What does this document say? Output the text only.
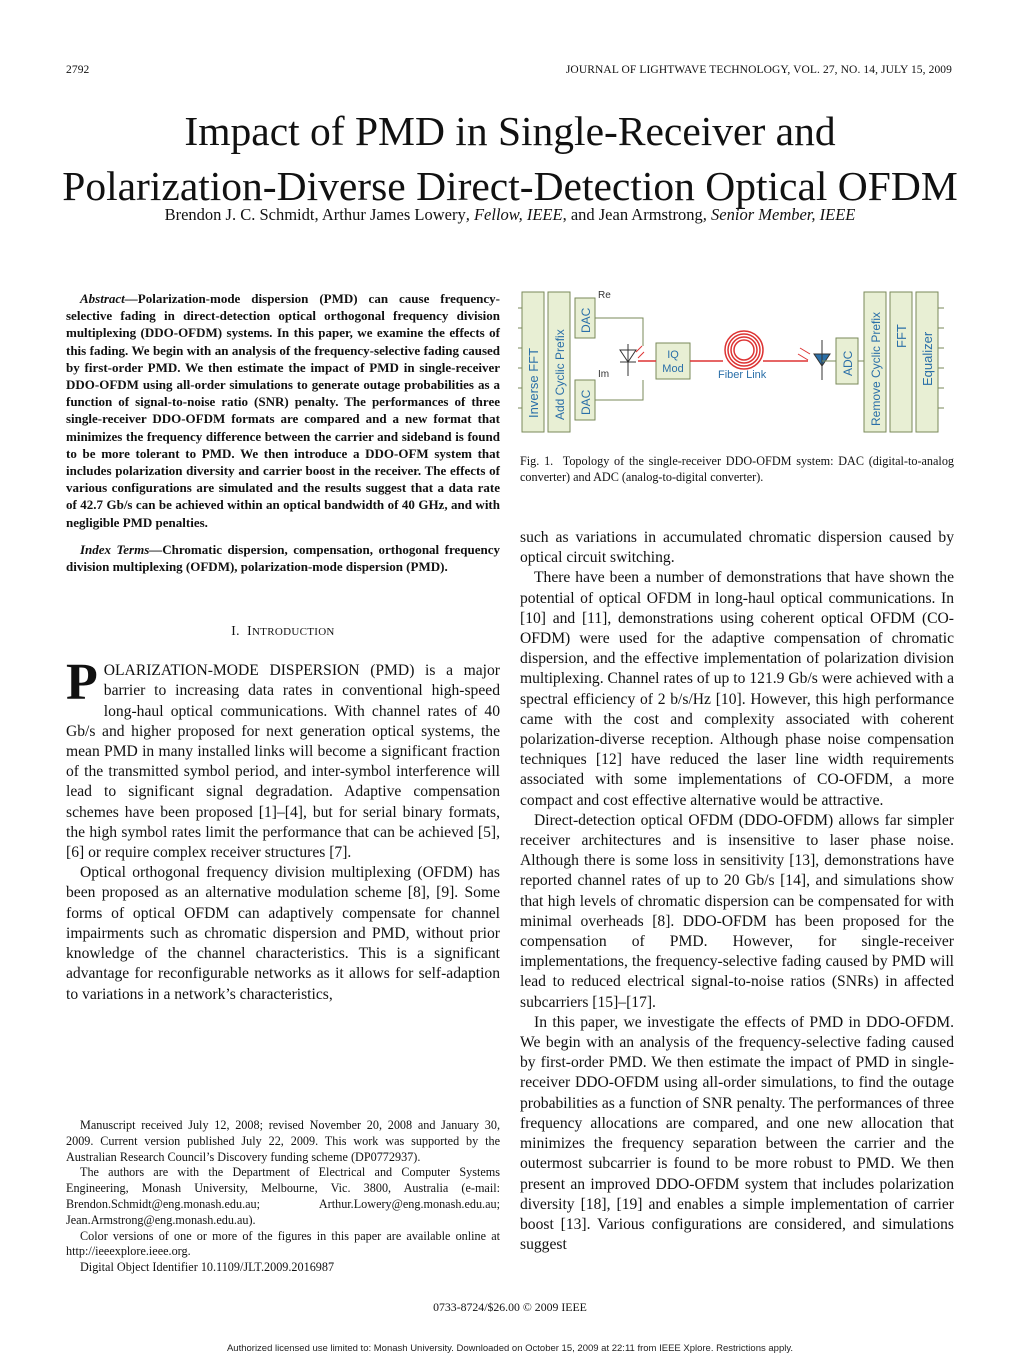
2792	JOURNAL OF LIGHTWAVE TECHNOLOGY, VOL. 27, NO. 14, JULY 15, 2009
Impact of PMD in Single-Receiver and
Polarization-Diverse Direct-Detection Optical OFDM
Brendon J. C. Schmidt, Arthur James Lowery, Fellow, IEEE, and Jean Armstrong, Senior Member, IEEE

Abstract—Polarization-mode dispersion (PMD) can cause frequency-selective fading in direct-detection optical orthogonal frequency division multiplexing (DDO-OFDM) systems. In this paper, we examine the effects of this fading. We begin with an analysis of the frequency-selective fading caused by first-order PMD. We then estimate the impact of PMD in single-receiver DDO-OFDM using all-order simulations to generate outage probabilities as a function of signal-to-noise ratio (SNR) penalty. The performances of three single-receiver DDO-OFDM formats are compared and a new format that minimizes the frequency difference between the carrier and sideband is found to be more tolerant to PMD. We then introduce a DDO-OFM system that includes polarization diversity and carrier boost in the receiver. The effects of various configurations are simulated and the results suggest that a data rate of 42.7 Gb/s can be achieved within an optical bandwidth of 40 GHz, and with negligible PMD penalties.

Index Terms—Chromatic dispersion, compensation, orthogonal frequency division multiplexing (OFDM), polarization-mode dispersion (PMD).

I. INTRODUCTION

POLARIZATION-MODE DISPERSION (PMD) is a major barrier to increasing data rates in conventional high-speed long-haul optical communications. With channel rates of 40 Gb/s and higher proposed for next generation optical systems, the mean PMD in many installed links will become a significant fraction of the transmitted symbol period, and inter-symbol interference will lead to significant signal degradation. Adaptive compensation schemes have been proposed [1]–[4], but for serial binary formats, the high symbol rates limit the performance that can be achieved [5], [6] or require complex receiver structures [7].

Optical orthogonal frequency division multiplexing (OFDM) has been proposed as an alternative modulation scheme [8], [9]. Some forms of optical OFDM can adaptively compensate for channel impairments such as chromatic dispersion and PMD, without prior knowledge of the channel characteristics. This is a significant advantage for reconfigurable networks as it allows for self-adaption to variations in a network’s characteristics,

Manuscript received July 12, 2008; revised November 20, 2008 and January 30, 2009. Current version published July 22, 2009. This work was supported by the Australian Research Council’s Discovery funding scheme (DP0772937).

The authors are with the Department of Electrical and Computer Systems Engineering, Monash University, Melbourne, Vic. 3800, Australia (e-mail: Brendon.Schmidt@eng.monash.edu.au; Arthur.Lowery@eng.monash.edu.au; Jean.Armstrong@eng.monash.edu.au).

Color versions of one or more of the figures in this paper are available online at http://ieeexplore.ieee.org.

Digital Object Identifier 10.1109/JLT.2009.2016987

Inverse FFT Add Cyclic Prefix
DAC
DAC
Re
Im
IQ
Mod	Fiber Link	ADC Remove Cyclic Prefix FFT Equalizer

Fig. 1. Topology of the single-receiver DDO-OFDM system: DAC (digital-to-analog converter) and ADC (analog-to-digital converter).

such as variations in accumulated chromatic dispersion caused by optical circuit switching.

There have been a number of demonstrations that have shown the potential of optical OFDM in long-haul optical communications. In [10] and [11], demonstrations using coherent optical OFDM (CO-OFDM) were used for the adaptive compensation of chromatic dispersion, and the effective implementation of polarization division multiplexing. Channel rates of up to 121.9 Gb/s were achieved with a spectral efficiency of 2 b/s/Hz [10]. However, this high performance came with the cost and complexity associated with coherent polarization-diverse reception. Although phase noise compensation techniques [12] have reduced the laser line width requirements associated with some implementations of CO-OFDM, a more compact and cost effective alternative would be attractive.

Direct-detection optical OFDM (DDO-OFDM) allows far simpler receiver architectures and is insensitive to laser phase noise. Although there is some loss in sensitivity [13], demonstrations have reported channel rates of up to 20 Gb/s [14], and simulations show that high levels of chromatic dispersion can be compensated for with minimal overheads [8]. DDO-OFDM has been proposed for the compensation of PMD. However, for single-receiver implementations, the frequency-selective fading caused by PMD will lead to reduced electrical signal-to-noise ratios (SNRs) in affected subcarriers [15]–[17].

In this paper, we investigate the effects of PMD in DDO-OFDM. We begin with an analysis of the frequency-selective fading caused by first-order PMD. We then estimate the impact of PMD in single-receiver DDO-OFDM using all-order simulations, to find the outage probabilities as a function of SNR penalty. The performances of three frequency allocations are compared, and one new allocation that minimizes the frequency separation between the carrier and the outermost subcarrier is found to be more robust to PMD. We then present an improved DDO-OFDM system that includes polarization diversity [18], [19] and enables a simple implementation of carrier boost [13]. Various configurations are considered, and simulations suggest

0733-8724/$26.00 © 2009 IEEE
Authorized licensed use limited to: Monash University. Downloaded on October 15, 2009 at 22:11 from IEEE Xplore. Restrictions apply.
